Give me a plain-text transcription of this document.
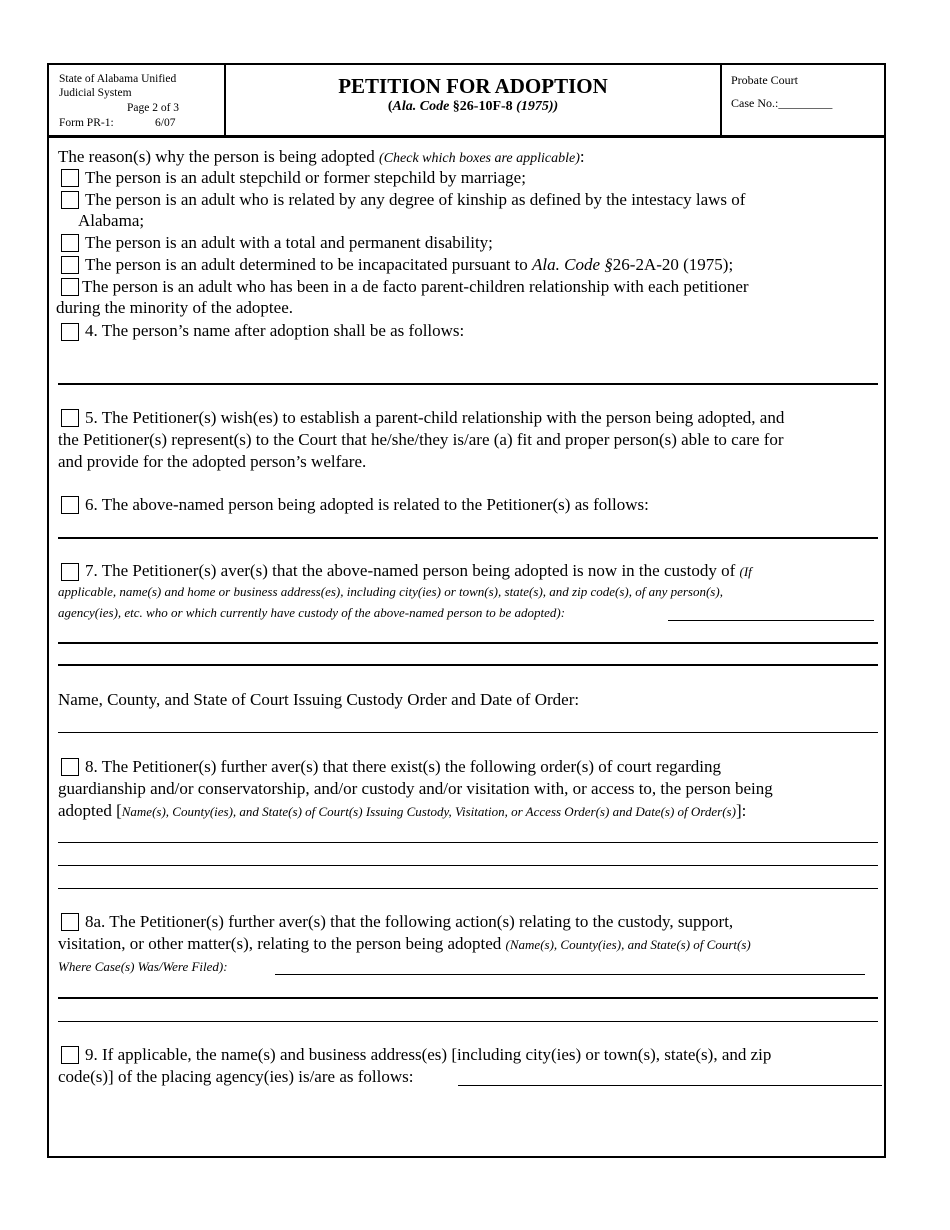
State of Alabama Unified
Judicial System
Page 2 of 3
Form PR-1:	6/07
PETITION FOR ADOPTION
(Ala. Code §26-10F-8 (1975))
Probate Court
Case No.:_________
The reason(s) why the person is being adopted (Check which boxes are applicable):
The person is an adult stepchild or former stepchild by marriage;
The person is an adult who is related by any degree of kinship as defined by the intestacy laws of
Alabama;
The person is an adult with a total and permanent disability;
The person is an adult determined to be incapacitated pursuant to Ala. Code §26-2A-20 (1975);
The person is an adult who has been in a de facto parent-children relationship with each petitioner
during the minority of the adoptee.
4. The person’s name after adoption shall be as follows:
5. The Petitioner(s) wish(es) to establish a parent-child relationship with the person being adopted, and
the Petitioner(s) represent(s) to the Court that he/she/they is/are (a) fit and proper person(s) able to care for
and provide for the adopted person’s welfare.
6. The above-named person being adopted is related to the Petitioner(s) as follows:
7. The Petitioner(s) aver(s) that the above-named person being adopted is now in the custody of (If
applicable, name(s) and home or business address(es), including city(ies) or town(s), state(s), and zip code(s), of any person(s),
agency(ies), etc. who or which currently have custody of the above-named person to be adopted):
Name, County, and State of Court Issuing Custody Order and Date of Order:
8. The Petitioner(s) further aver(s) that there exist(s) the following order(s) of court regarding
guardianship and/or conservatorship, and/or custody and/or visitation with, or access to, the person being
adopted [Name(s), County(ies), and State(s) of Court(s) Issuing Custody, Visitation, or Access Order(s) and Date(s) of Order(s)]:
8a. The Petitioner(s) further aver(s) that the following action(s) relating to the custody, support,
visitation, or other matter(s), relating to the person being adopted (Name(s), County(ies), and State(s) of Court(s)
Where Case(s) Was/Were Filed):
9. If applicable, the name(s) and business address(es) [including city(ies) or town(s), state(s), and zip
code(s)] of the placing agency(ies) is/are as follows:
